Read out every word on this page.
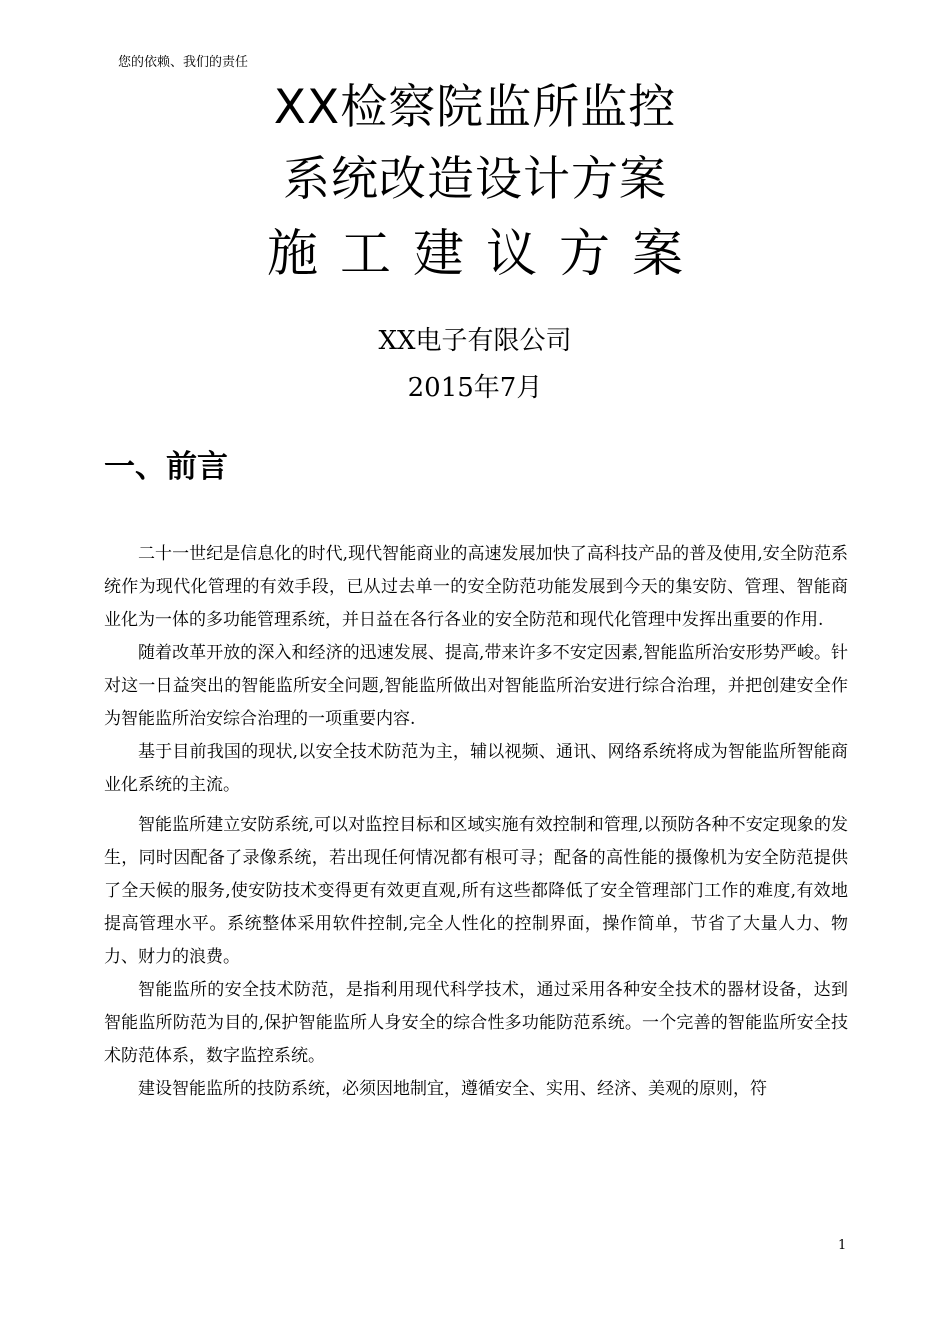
您的依赖、我们的责任
XX检察院监所监控
系统改造设计方案
施工建议方案
XX电子有限公司
2015年7月
一、前言

二十一世纪是信息化的时代,现代智能商业的高速发展加快了高科技产品的普及使用,安全防范系统作为现代化管理的有效手段，已从过去单一的安全防范功能发展到今天的集安防、管理、智能商业化为一体的多功能管理系统，并日益在各行各业的安全防范和现代化管理中发挥出重要的作用.

随着改革开放的深入和经济的迅速发展、提高,带来许多不安定因素,智能监所治安形势严峻。针对这一日益突出的智能监所安全问题,智能监所做出对智能监所治安进行综合治理，并把创建安全作为智能监所治安综合治理的一项重要内容.

基于目前我国的现状,以安全技术防范为主，辅以视频、通讯、网络系统将成为智能监所智能商业化系统的主流。

智能监所建立安防系统,可以对监控目标和区域实施有效控制和管理,以预防各种不安定现象的发生，同时因配备了录像系统，若出现任何情况都有根可寻；配备的高性能的摄像机为安全防范提供了全天候的服务,使安防技术变得更有效更直观,所有这些都降低了安全管理部门工作的难度,有效地提高管理水平。系统整体采用软件控制,完全人性化的控制界面，操作简单，节省了大量人力、物力、财力的浪费。

智能监所的安全技术防范，是指利用现代科学技术，通过采用各种安全技术的器材设备，达到智能监所防范为目的,保护智能监所人身安全的综合性多功能防范系统。一个完善的智能监所安全技术防范体系，数字监控系统。

建设智能监所的技防系统，必须因地制宜，遵循安全、实用、经济、美观的原则，符

1
